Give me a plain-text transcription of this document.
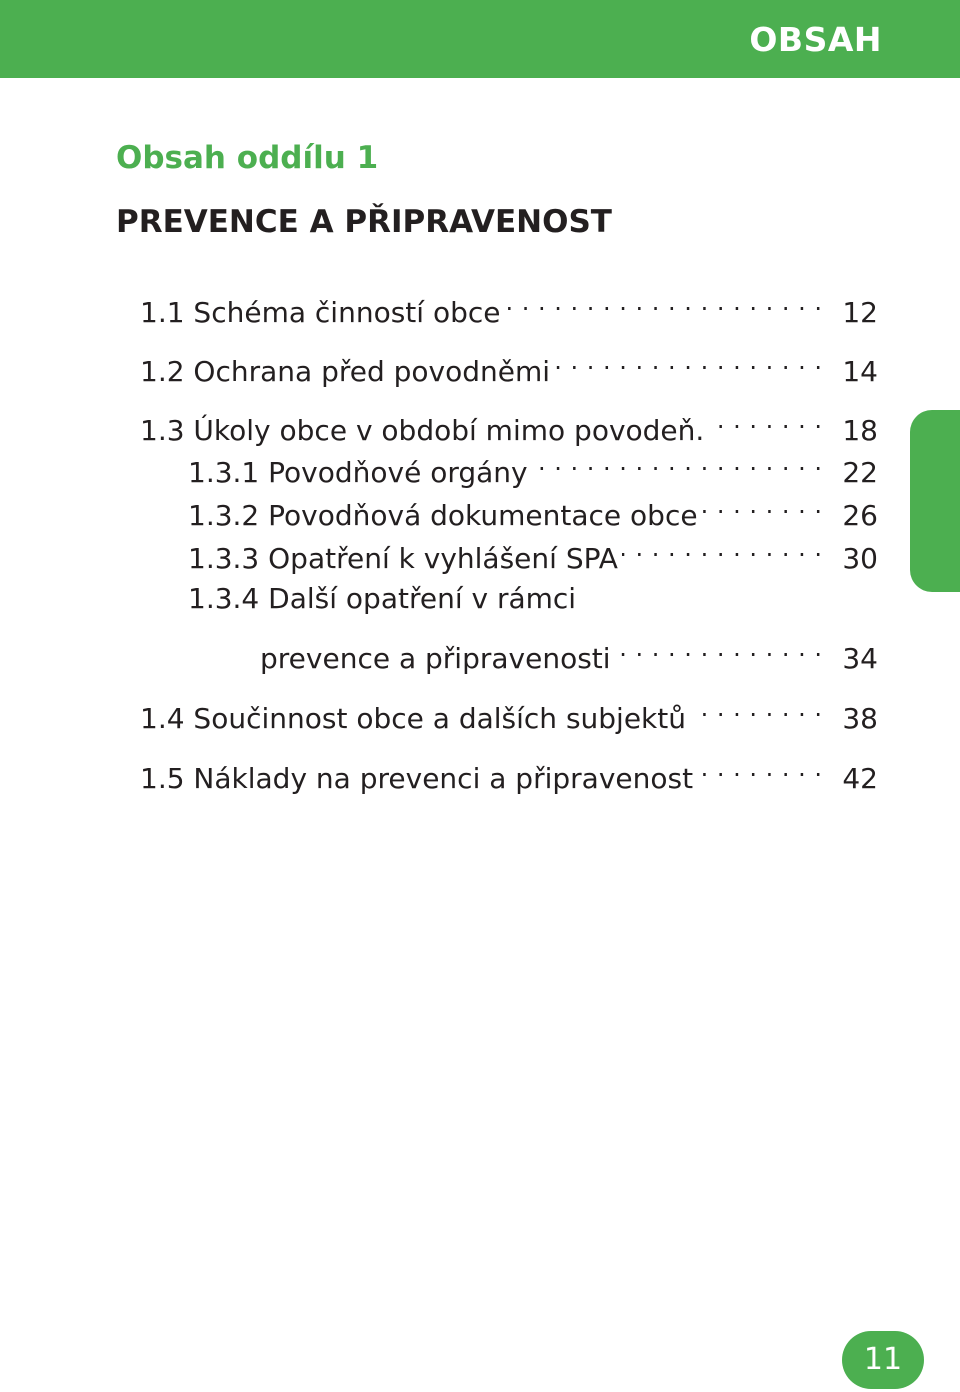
OBSAH
Obsah oddílu 1
PREVENCE A PŘIPRAVENOST
1.1 Schéma činností obce . . .	12
1.2 Ochrana před povodněmi . . .	14
1.3 Úkoly obce v období mimo povodeň. . . .	18
1.3.1 Povodňové orgány . . .	22
1.3.2 Povodňová dokumentace obce . . .	26
1.3.3 Opatření k vyhlášení SPA . . .	30
1.3.4 Další opatření v rámci
prevence a připravenosti . . .	34
1.4 Součinnost obce a dalších subjektů . . .	38
1.5 Náklady na prevenci a připravenost . . .	42
11
